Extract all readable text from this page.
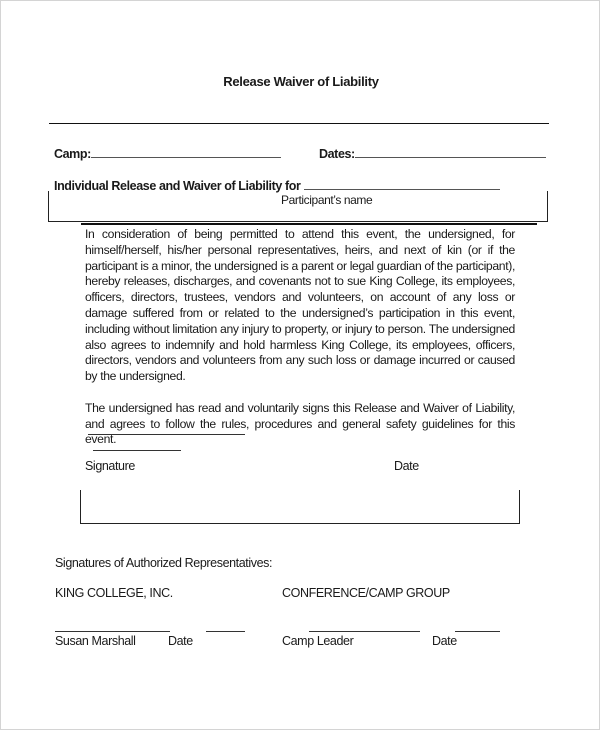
Release Waiver of Liability
Camp:	Dates:
Individual Release and Waiver of Liability for
Participant’s name

In consideration of being permitted to attend this event, the undersigned, for himself/herself, his/her personal representatives, heirs, and next of kin (or if the participant is a minor, the undersigned is a parent or legal guardian of the participant), hereby releases, discharges, and covenants not to sue King College, its employees, officers, directors, trustees, vendors and volunteers, on account of any loss or damage suffered from or related to the undersigned’s participation in this event, including without limitation any injury to property, or injury to person. The undersigned also agrees to indemnify and hold harmless King College, its employees, officers, directors, vendors and volunteers from any such loss or damage incurred or caused by the undersigned.

The undersigned has read and voluntarily signs this Release and Waiver of Liability, and agrees to follow the rules, procedures and general safety guidelines for this event.

Signature	Date
Signatures of Authorized Representatives:
KING COLLEGE, INC.	CONFERENCE/CAMP GROUP
Susan Marshall	Date	Camp Leader	Date
